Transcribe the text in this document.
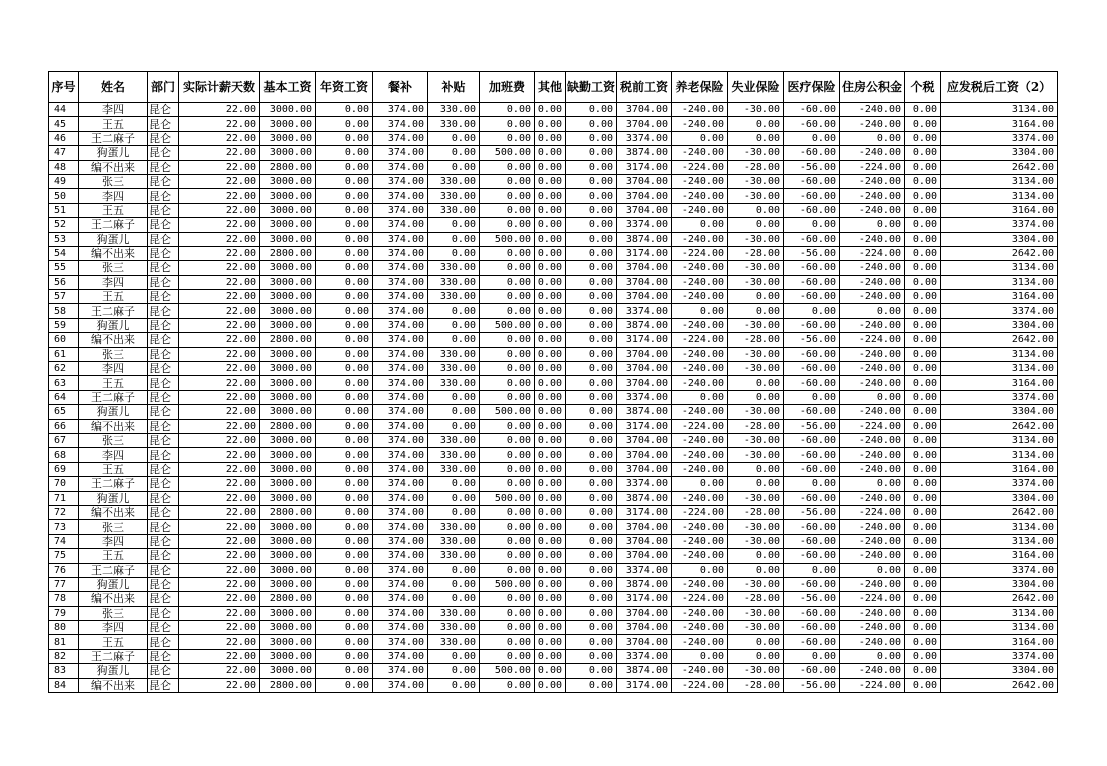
序号	姓名	部门	实际计薪天数	基本工资	年资工资	餐补	补贴	加班费	其他	缺勤工资	税前工资	养老保险	失业保险	医疗保险	住房公积金	个税	应发税后工资（2）
44	李四	昆仑	22.00	3000.00	0.00	374.00	330.00	0.00	0.00	0.00	3704.00	-240.00	-30.00	-60.00	-240.00	0.00	3134.00
45	王五	昆仑	22.00	3000.00	0.00	374.00	330.00	0.00	0.00	0.00	3704.00	-240.00	0.00	-60.00	-240.00	0.00	3164.00
46	王二麻子	昆仑	22.00	3000.00	0.00	374.00	0.00	0.00	0.00	0.00	3374.00	0.00	0.00	0.00	0.00	0.00	3374.00
47	狗蛋儿	昆仑	22.00	3000.00	0.00	374.00	0.00	500.00	0.00	0.00	3874.00	-240.00	-30.00	-60.00	-240.00	0.00	3304.00
48	编不出来	昆仑	22.00	2800.00	0.00	374.00	0.00	0.00	0.00	0.00	3174.00	-224.00	-28.00	-56.00	-224.00	0.00	2642.00
49	张三	昆仑	22.00	3000.00	0.00	374.00	330.00	0.00	0.00	0.00	3704.00	-240.00	-30.00	-60.00	-240.00	0.00	3134.00
50	李四	昆仑	22.00	3000.00	0.00	374.00	330.00	0.00	0.00	0.00	3704.00	-240.00	-30.00	-60.00	-240.00	0.00	3134.00
51	王五	昆仑	22.00	3000.00	0.00	374.00	330.00	0.00	0.00	0.00	3704.00	-240.00	0.00	-60.00	-240.00	0.00	3164.00
52	王二麻子	昆仑	22.00	3000.00	0.00	374.00	0.00	0.00	0.00	0.00	3374.00	0.00	0.00	0.00	0.00	0.00	3374.00
53	狗蛋儿	昆仑	22.00	3000.00	0.00	374.00	0.00	500.00	0.00	0.00	3874.00	-240.00	-30.00	-60.00	-240.00	0.00	3304.00
54	编不出来	昆仑	22.00	2800.00	0.00	374.00	0.00	0.00	0.00	0.00	3174.00	-224.00	-28.00	-56.00	-224.00	0.00	2642.00
55	张三	昆仑	22.00	3000.00	0.00	374.00	330.00	0.00	0.00	0.00	3704.00	-240.00	-30.00	-60.00	-240.00	0.00	3134.00
56	李四	昆仑	22.00	3000.00	0.00	374.00	330.00	0.00	0.00	0.00	3704.00	-240.00	-30.00	-60.00	-240.00	0.00	3134.00
57	王五	昆仑	22.00	3000.00	0.00	374.00	330.00	0.00	0.00	0.00	3704.00	-240.00	0.00	-60.00	-240.00	0.00	3164.00
58	王二麻子	昆仑	22.00	3000.00	0.00	374.00	0.00	0.00	0.00	0.00	3374.00	0.00	0.00	0.00	0.00	0.00	3374.00
59	狗蛋儿	昆仑	22.00	3000.00	0.00	374.00	0.00	500.00	0.00	0.00	3874.00	-240.00	-30.00	-60.00	-240.00	0.00	3304.00
60	编不出来	昆仑	22.00	2800.00	0.00	374.00	0.00	0.00	0.00	0.00	3174.00	-224.00	-28.00	-56.00	-224.00	0.00	2642.00
61	张三	昆仑	22.00	3000.00	0.00	374.00	330.00	0.00	0.00	0.00	3704.00	-240.00	-30.00	-60.00	-240.00	0.00	3134.00
62	李四	昆仑	22.00	3000.00	0.00	374.00	330.00	0.00	0.00	0.00	3704.00	-240.00	-30.00	-60.00	-240.00	0.00	3134.00
63	王五	昆仑	22.00	3000.00	0.00	374.00	330.00	0.00	0.00	0.00	3704.00	-240.00	0.00	-60.00	-240.00	0.00	3164.00
64	王二麻子	昆仑	22.00	3000.00	0.00	374.00	0.00	0.00	0.00	0.00	3374.00	0.00	0.00	0.00	0.00	0.00	3374.00
65	狗蛋儿	昆仑	22.00	3000.00	0.00	374.00	0.00	500.00	0.00	0.00	3874.00	-240.00	-30.00	-60.00	-240.00	0.00	3304.00
66	编不出来	昆仑	22.00	2800.00	0.00	374.00	0.00	0.00	0.00	0.00	3174.00	-224.00	-28.00	-56.00	-224.00	0.00	2642.00
67	张三	昆仑	22.00	3000.00	0.00	374.00	330.00	0.00	0.00	0.00	3704.00	-240.00	-30.00	-60.00	-240.00	0.00	3134.00
68	李四	昆仑	22.00	3000.00	0.00	374.00	330.00	0.00	0.00	0.00	3704.00	-240.00	-30.00	-60.00	-240.00	0.00	3134.00
69	王五	昆仑	22.00	3000.00	0.00	374.00	330.00	0.00	0.00	0.00	3704.00	-240.00	0.00	-60.00	-240.00	0.00	3164.00
70	王二麻子	昆仑	22.00	3000.00	0.00	374.00	0.00	0.00	0.00	0.00	3374.00	0.00	0.00	0.00	0.00	0.00	3374.00
71	狗蛋儿	昆仑	22.00	3000.00	0.00	374.00	0.00	500.00	0.00	0.00	3874.00	-240.00	-30.00	-60.00	-240.00	0.00	3304.00
72	编不出来	昆仑	22.00	2800.00	0.00	374.00	0.00	0.00	0.00	0.00	3174.00	-224.00	-28.00	-56.00	-224.00	0.00	2642.00
73	张三	昆仑	22.00	3000.00	0.00	374.00	330.00	0.00	0.00	0.00	3704.00	-240.00	-30.00	-60.00	-240.00	0.00	3134.00
74	李四	昆仑	22.00	3000.00	0.00	374.00	330.00	0.00	0.00	0.00	3704.00	-240.00	-30.00	-60.00	-240.00	0.00	3134.00
75	王五	昆仑	22.00	3000.00	0.00	374.00	330.00	0.00	0.00	0.00	3704.00	-240.00	0.00	-60.00	-240.00	0.00	3164.00
76	王二麻子	昆仑	22.00	3000.00	0.00	374.00	0.00	0.00	0.00	0.00	3374.00	0.00	0.00	0.00	0.00	0.00	3374.00
77	狗蛋儿	昆仑	22.00	3000.00	0.00	374.00	0.00	500.00	0.00	0.00	3874.00	-240.00	-30.00	-60.00	-240.00	0.00	3304.00
78	编不出来	昆仑	22.00	2800.00	0.00	374.00	0.00	0.00	0.00	0.00	3174.00	-224.00	-28.00	-56.00	-224.00	0.00	2642.00
79	张三	昆仑	22.00	3000.00	0.00	374.00	330.00	0.00	0.00	0.00	3704.00	-240.00	-30.00	-60.00	-240.00	0.00	3134.00
80	李四	昆仑	22.00	3000.00	0.00	374.00	330.00	0.00	0.00	0.00	3704.00	-240.00	-30.00	-60.00	-240.00	0.00	3134.00
81	王五	昆仑	22.00	3000.00	0.00	374.00	330.00	0.00	0.00	0.00	3704.00	-240.00	0.00	-60.00	-240.00	0.00	3164.00
82	王二麻子	昆仑	22.00	3000.00	0.00	374.00	0.00	0.00	0.00	0.00	3374.00	0.00	0.00	0.00	0.00	0.00	3374.00
83	狗蛋儿	昆仑	22.00	3000.00	0.00	374.00	0.00	500.00	0.00	0.00	3874.00	-240.00	-30.00	-60.00	-240.00	0.00	3304.00
84	编不出来	昆仑	22.00	2800.00	0.00	374.00	0.00	0.00	0.00	0.00	3174.00	-224.00	-28.00	-56.00	-224.00	0.00	2642.00
